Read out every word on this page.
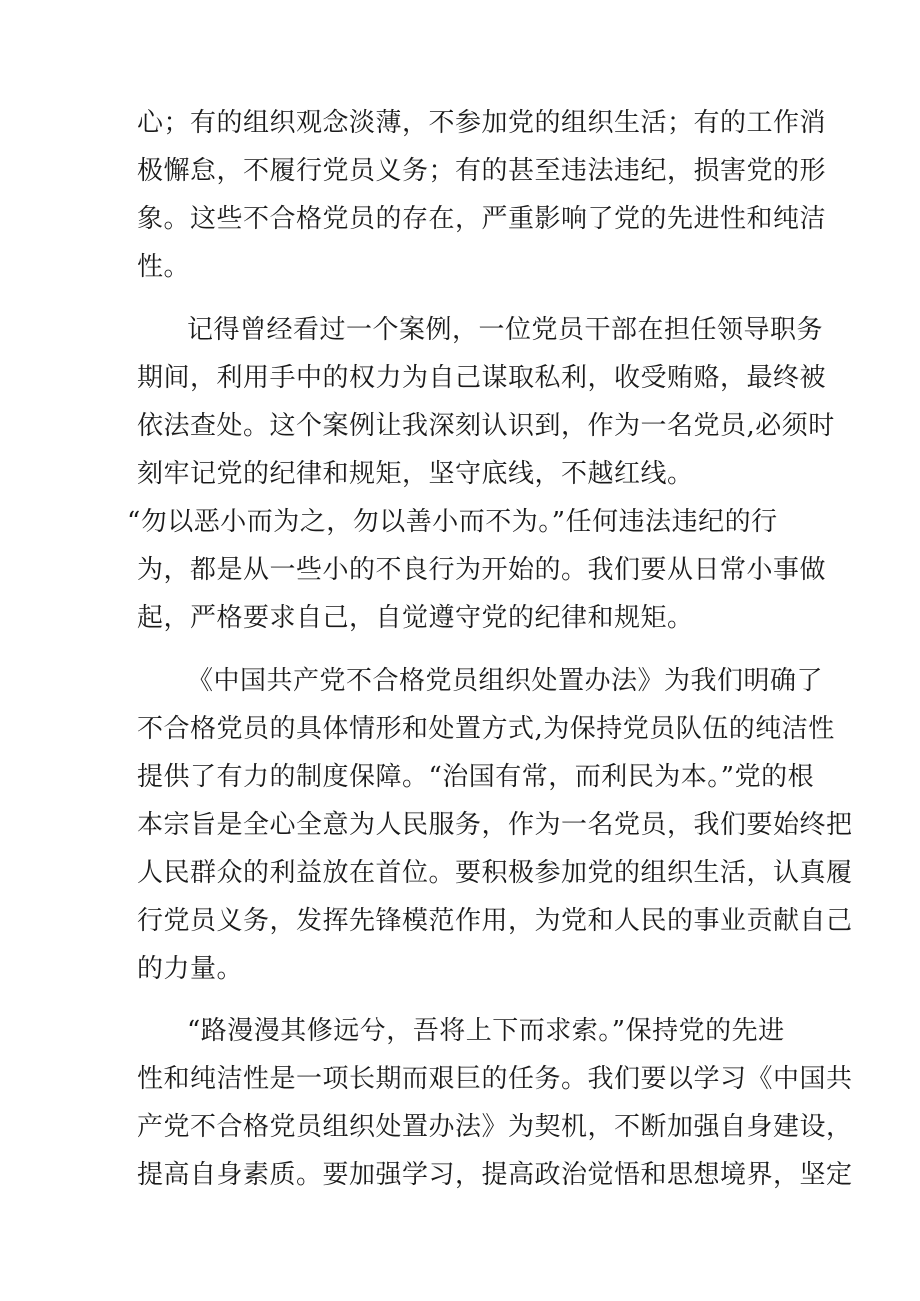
心；有的组织观念淡薄，不参加党的组织生活；有的工作消
极懈怠，不履行党员义务；有的甚至违法违纪，损害党的形
象。这些不合格党员的存在，严重影响了党的先进性和纯洁
性。

记得曾经看过一个案例，一位党员干部在担任领导职务
期间，利用手中的权力为自己谋取私利，收受贿赂，最终被
依法查处。这个案例让我深刻认识到，作为一名党员,必须时
刻牢记党的纪律和规矩，坚守底线，不越红线。
“勿以恶小而为之，勿以善小而不为。”任何违法违纪的行
为，都是从一些小的不良行为开始的。我们要从日常小事做
起，严格要求自己，自觉遵守党的纪律和规矩。

《中国共产党不合格党员组织处置办法》为我们明确了
不合格党员的具体情形和处置方式,为保持党员队伍的纯洁性
提供了有力的制度保障。“治国有常，而利民为本。”党的根
本宗旨是全心全意为人民服务，作为一名党员，我们要始终把
人民群众的利益放在首位。要积极参加党的组织生活，认真履
行党员义务，发挥先锋模范作用，为党和人民的事业贡献自己
的力量。

“路漫漫其修远兮，吾将上下而求索。”保持党的先进
性和纯洁性是一项长期而艰巨的任务。我们要以学习《中国共
产党不合格党员组织处置办法》为契机，不断加强自身建设，
提高自身素质。要加强学习，提高政治觉悟和思想境界，坚定
